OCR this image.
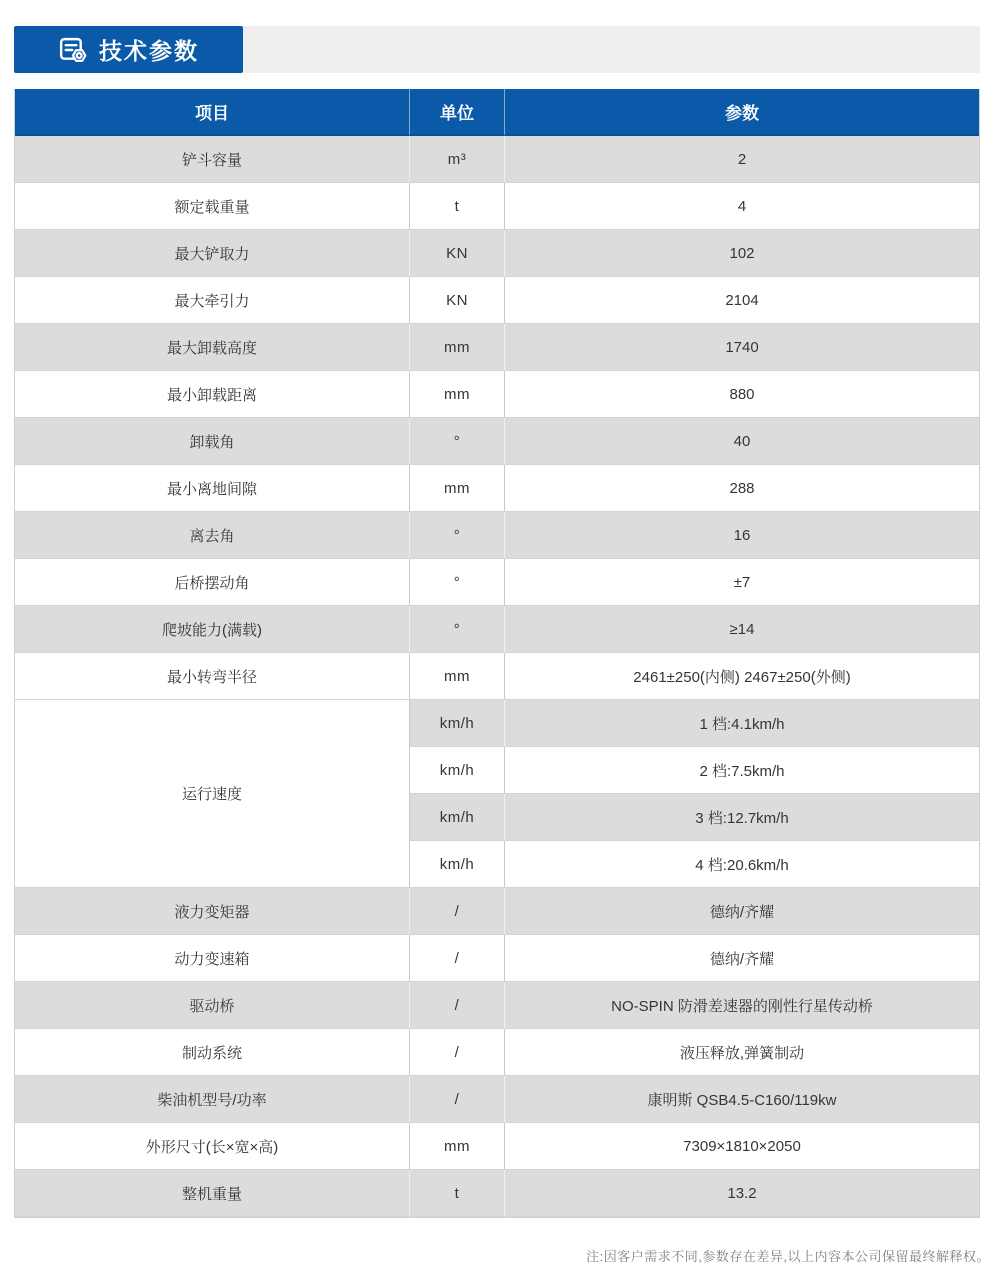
技术参数
项目	单位	参数
铲斗容量	m³	2
额定载重量	t	4
最大铲取力	KN	102
最大牵引力	KN	2104
最大卸载高度	mm	1740
最小卸载距离	mm	880
卸载角	°	40
最小离地间隙	mm	288
离去角	°	16
后桥摆动角	°	±7
爬坡能力(满载)	°	≥14
最小转弯半径	mm	2461±250(内侧) 2467±250(外侧)
运行速度	km/h	1 档:4.1km/h
	km/h	2 档:7.5km/h
	km/h	3 档:12.7km/h
	km/h	4 档:20.6km/h
液力变矩器	/	德纳/齐耀
动力变速箱	/	德纳/齐耀
驱动桥	/	NO-SPIN 防滑差速器的刚性行星传动桥
制动系统	/	液压释放,弹簧制动
柴油机型号/功率	/	康明斯 QSB4.5-C160/119kw
外形尺寸(长×宽×高)	mm	7309×1810×2050
整机重量	t	13.2
注:因客户需求不同,参数存在差异,以上内容本公司保留最终解释权。
